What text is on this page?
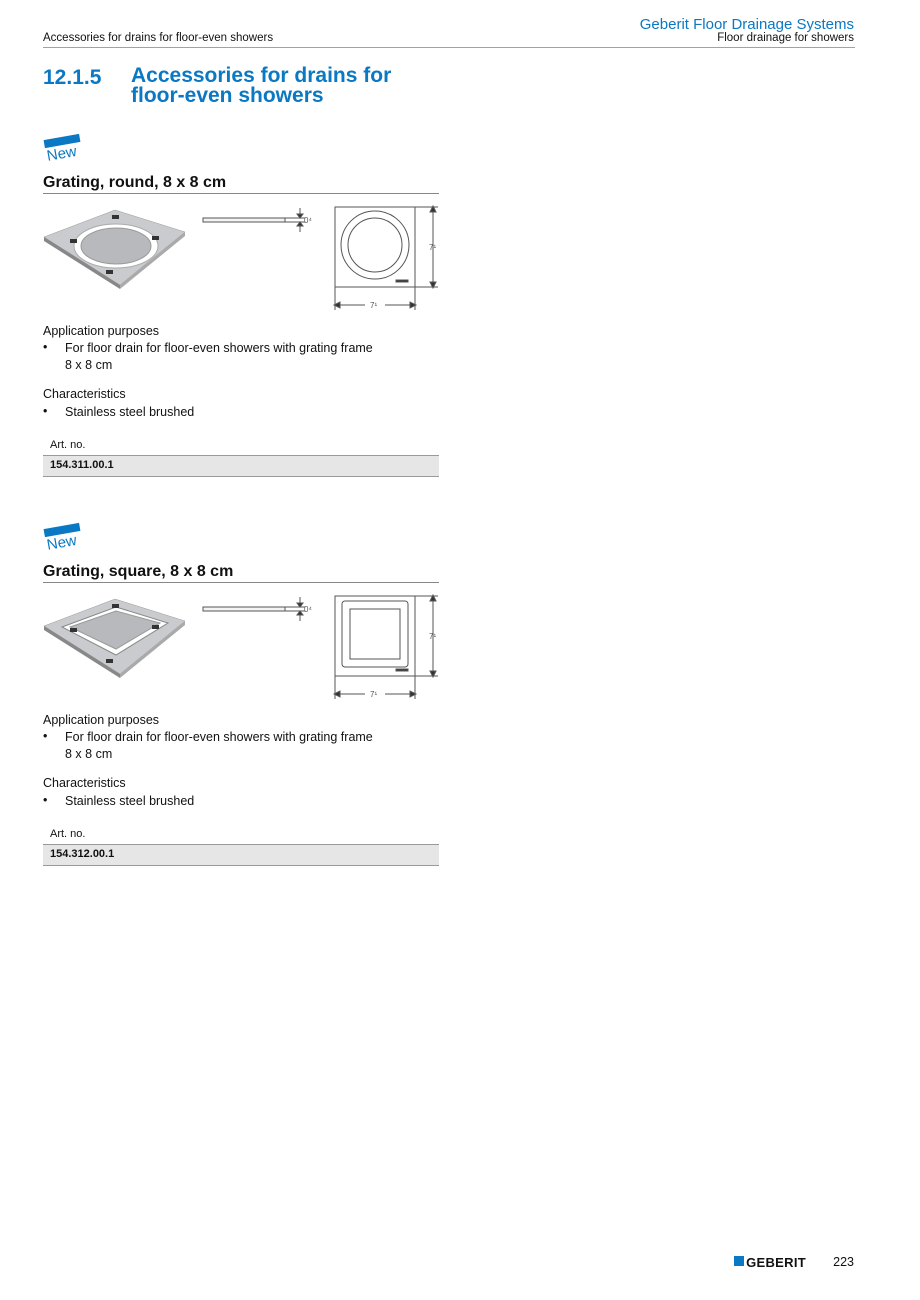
Accessories for drains for floor-even showers
Geberit Floor Drainage Systems
Floor drainage for showers
12.1.5 Accessories for drains for
floor-even showers
New
Grating, round, 8 x 8 cm
0⁴
7¹
7¹
Application purposes
• For floor drain for floor-even showers with grating frame
8 x 8 cm
Characteristics
• Stainless steel brushed
Art. no.
154.311.00.1
New
Grating, square, 8 x 8 cm
0⁴
7¹
7¹
Application purposes
• For floor drain for floor-even showers with grating frame
8 x 8 cm
Characteristics
• Stainless steel brushed
Art. no.
154.312.00.1
GEBERIT 223
